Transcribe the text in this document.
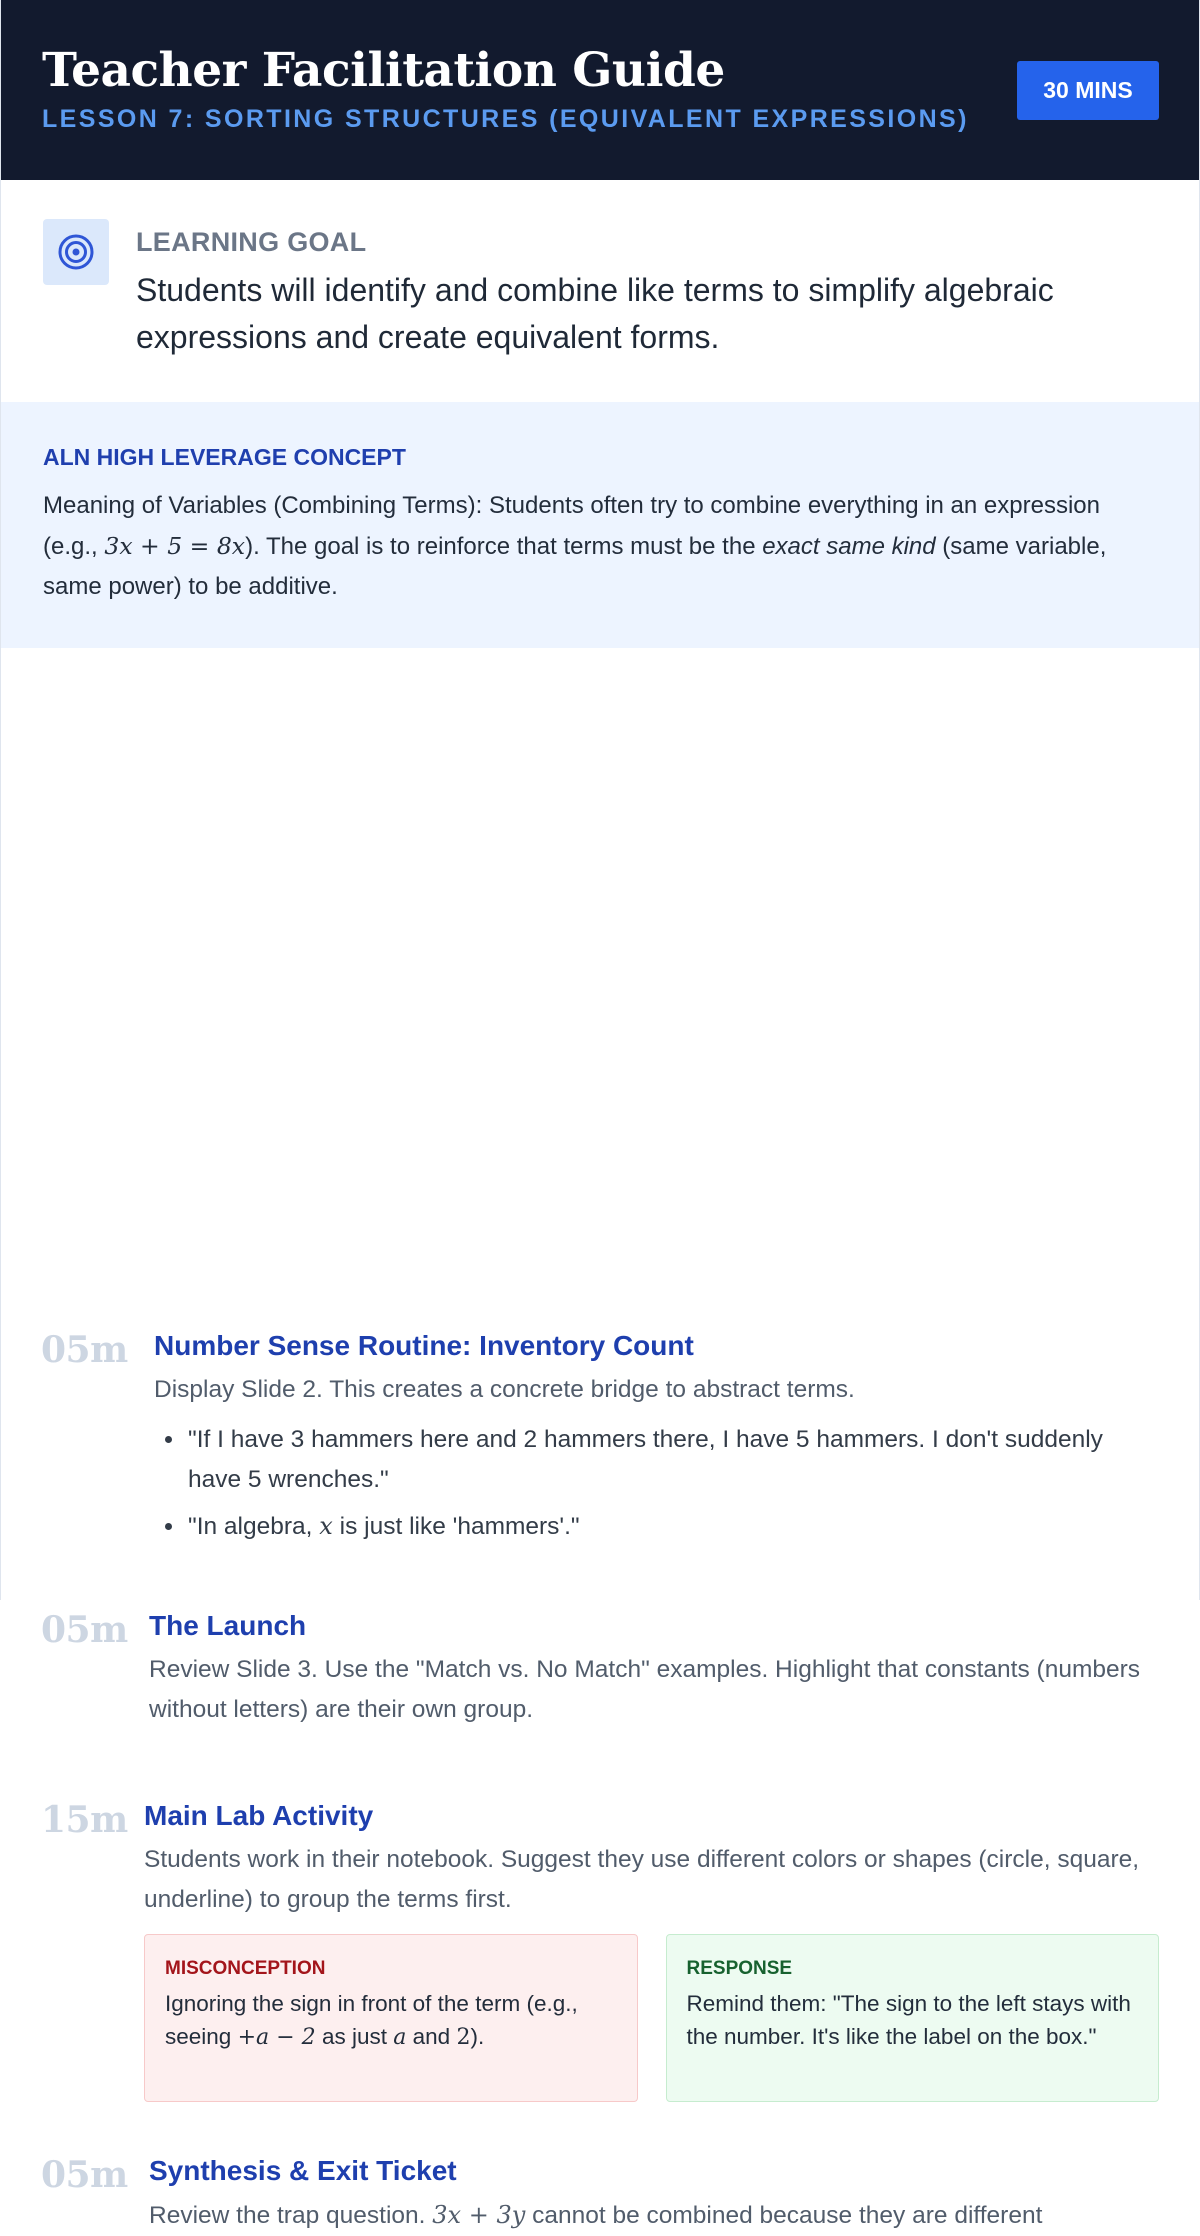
Teacher Facilitation Guide
LESSON 7: SORTING STRUCTURES (EQUIVALENT EXPRESSIONS)
30 MINS
LEARNING GOAL
Students will identify and combine like terms to simplify algebraic expressions and create equivalent forms.
ALN HIGH LEVERAGE CONCEPT
Meaning of Variables (Combining Terms): Students often try to combine everything in an expression (e.g., 3x + 5 = 8x). The goal is to reinforce that terms must be the exact same kind (same variable, same power) to be additive.
05m Number Sense Routine: Inventory Count
Display Slide 2. This creates a concrete bridge to abstract terms.
• "If I have 3 hammers here and 2 hammers there, I have 5 hammers. I don't suddenly have 5 wrenches."
• "In algebra, x is just like 'hammers'."
05m The Launch
Review Slide 3. Use the "Match vs. No Match" examples. Highlight that constants (numbers without letters) are their own group.
15m Main Lab Activity
Students work in their notebook. Suggest they use different colors or shapes (circle, square, underline) to group the terms first.
MISCONCEPTION
Ignoring the sign in front of the term (e.g., seeing +a − 2 as just a and 2).
RESPONSE
Remind them: "The sign to the left stays with the number. It's like the label on the box."
05m Synthesis & Exit Ticket
Review the trap question. 3x + 3y cannot be combined because they are different
